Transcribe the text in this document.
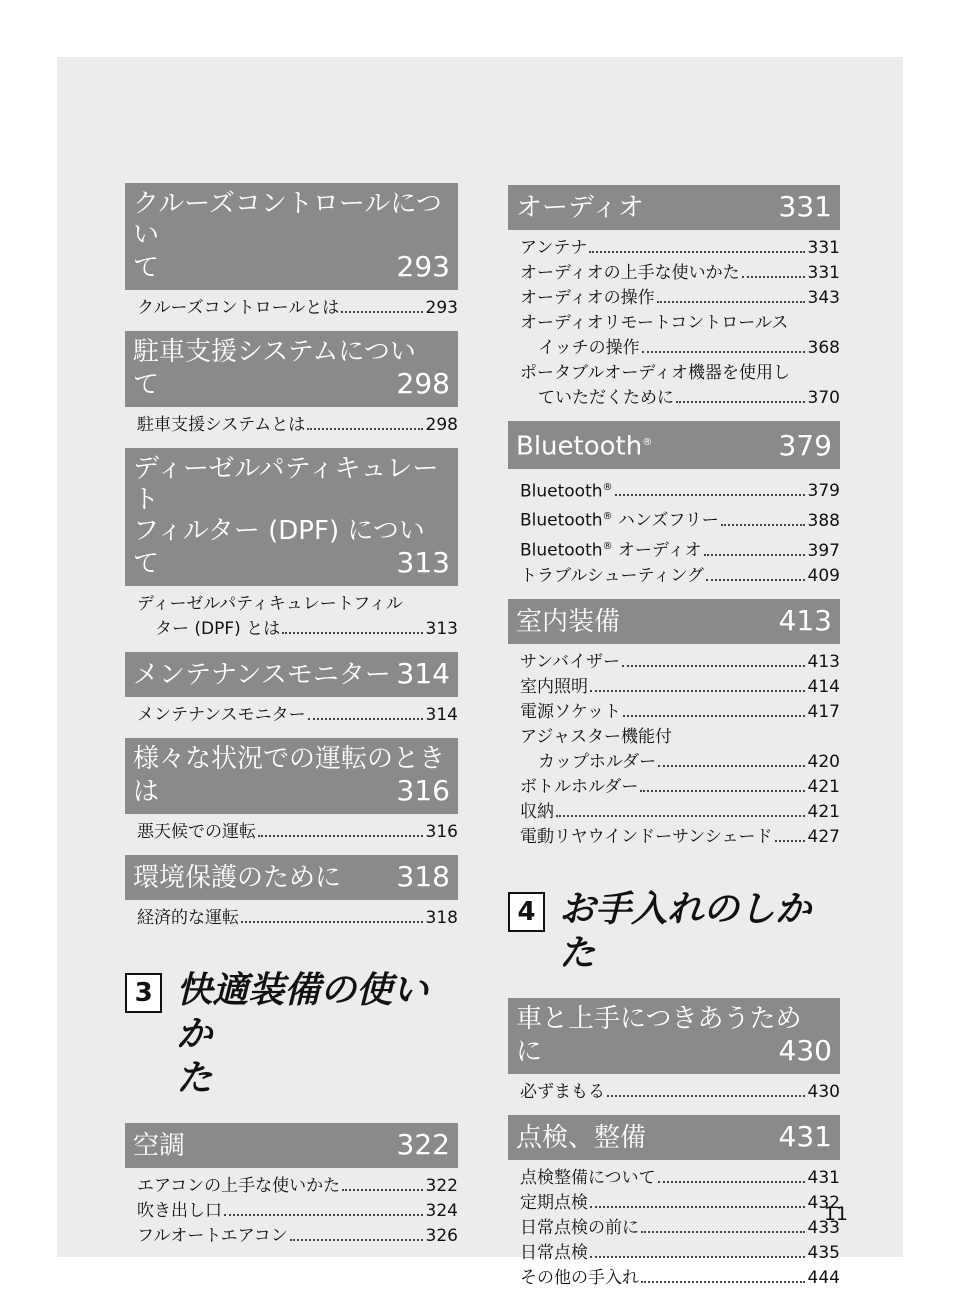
クルーズコントロールについ
て	293
クルーズコントロールとは	293
駐車支援システムについ
て	298
駐車支援システムとは	298
ディーゼルパティキュレート
フィルター (DPF) につい
て	313
ディーゼルパティキュレートフィル
ター (DPF) とは	313
メンテナンスモニター 314
メンテナンスモニター	314
様々な状況での運転のとき
は	316
悪天候での運転	316
環境保護のために 318
経済的な運転	318
3 快適装備の使いか
た
空調	322
エアコンの上手な使いかた	322
吹き出し口	324
フルオートエアコン	326
オーディオ	331
アンテナ	331
オーディオの上手な使いかた	331
オーディオの操作	343
オーディオリモートコントロールス
イッチの操作	368
ポータブルオーディオ機器を使用し
ていただくために	370
Bluetooth®	379
Bluetooth®	379
Bluetooth® ハンズフリー	388
Bluetooth® オーディオ	397
トラブルシューティング	409
室内装備	413
サンバイザー	413
室内照明	414
電源ソケット	417
アジャスター機能付
カップホルダー	420
ボトルホルダー	421
収納	421
電動リヤウインドーサンシェード 427
4 お手入れのしかた
車と上手につきあうため
に	430
必ずまもる	430
点検、整備	431
点検整備について	431
定期点検	432
日常点検の前に	433
日常点検	435
その他の手入れ	444
11
